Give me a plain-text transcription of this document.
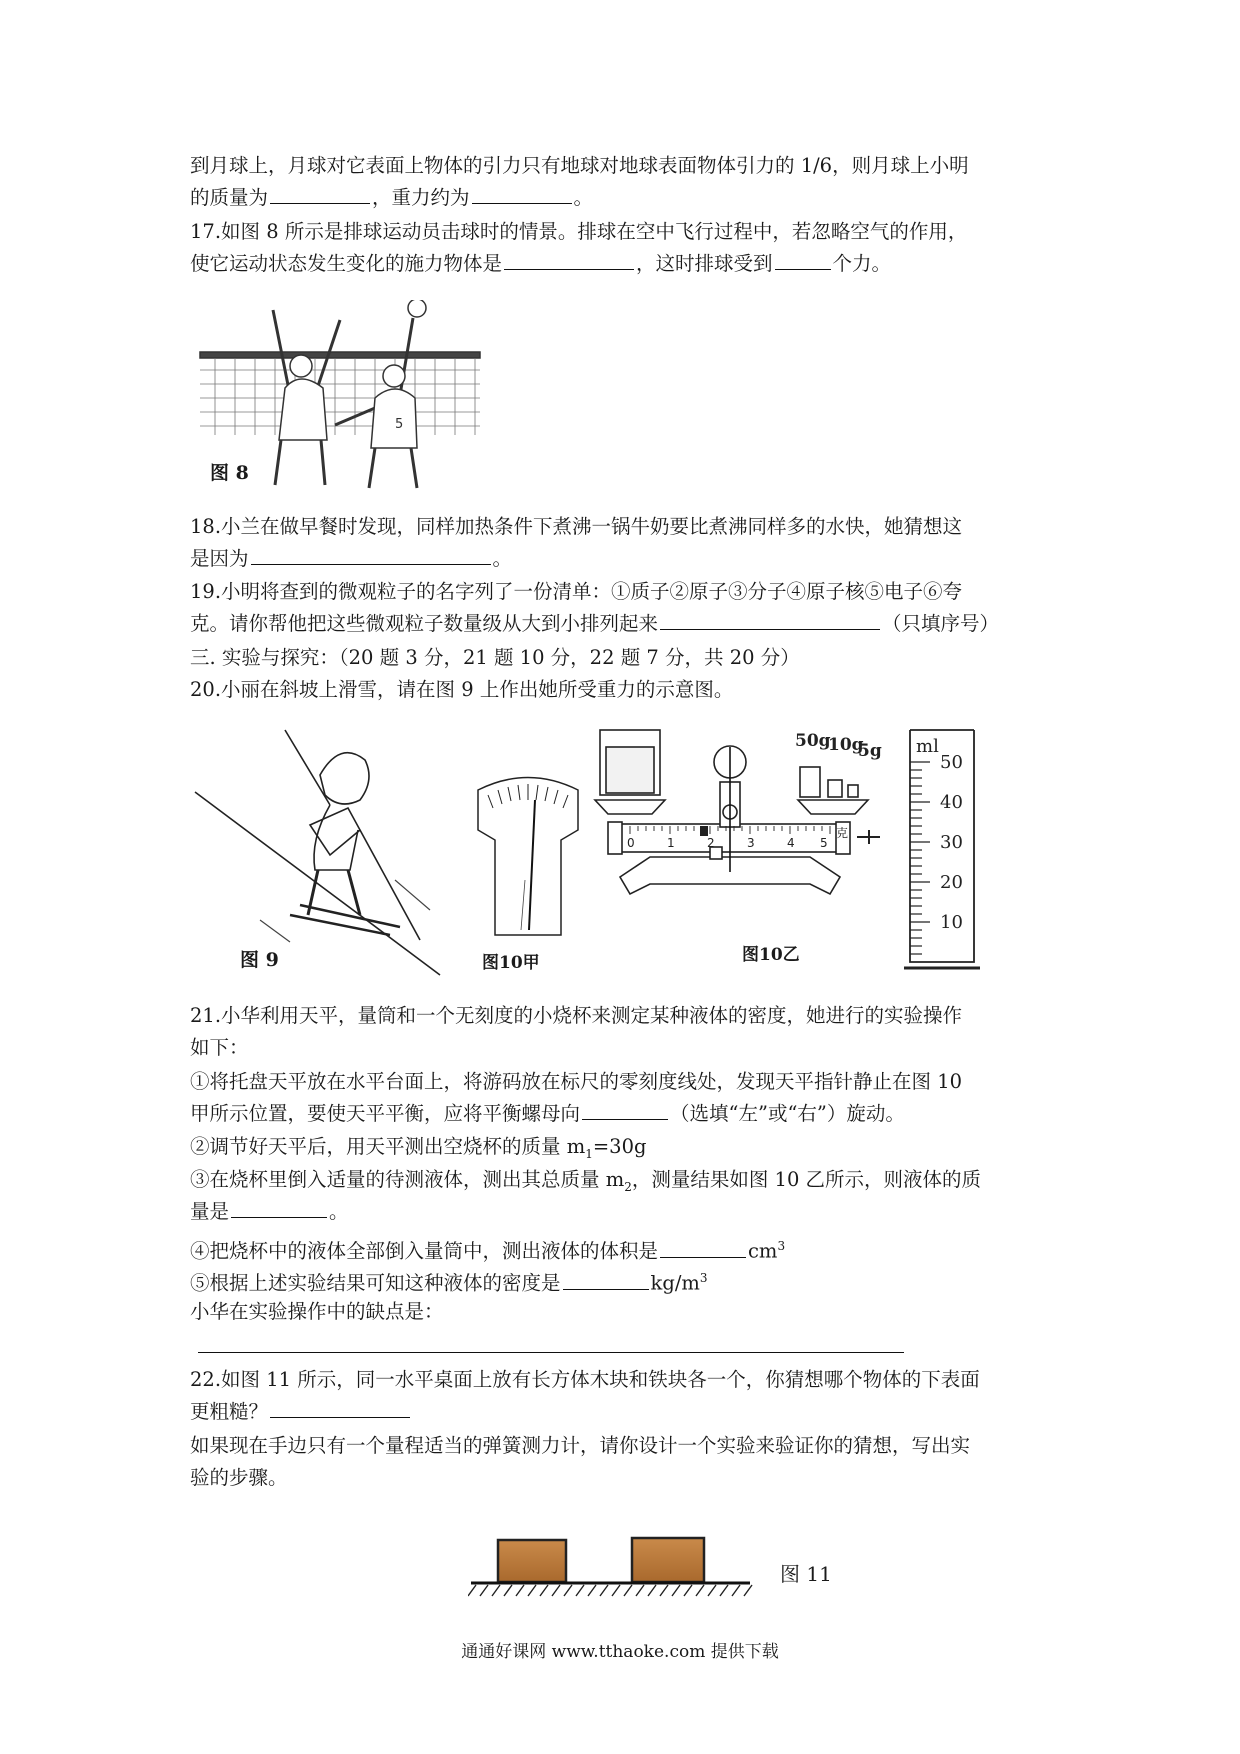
到月球上，月球对它表面上物体的引力只有地球对地球表面物体引力的 1/6，则月球上小明
的质量为	，重力约为	。
17.如图 8 所示是排球运动员击球时的情景。排球在空中飞行过程中，若忽略空气的作用，
使它运动状态发生变化的施力物体是	，这时排球受到	个力。
5
图 8
18.小兰在做早餐时发现，同样加热条件下煮沸一锅牛奶要比煮沸同样多的水快，她猜想这
是因为	。
19.小明将查到的微观粒子的名字列了一份清单：①质子②原子③分子④原子核⑤电子⑥夸
克。请你帮他把这些微观粒子数量级从大到小排列起来	（只填序号）
三. 实验与探究：（20 题 3 分，21 题 10 分，22 题 7 分，共 20 分）
20.小丽在斜坡上滑雪，请在图 9 上作出她所受重力的示意图。
图 9	图10甲
0	1	2	3	4 5
克
50g
10g
5g
图10乙
ml
50
40
30
20
10
21.小华利用天平，量筒和一个无刻度的小烧杯来测定某种液体的密度，她进行的实验操作
如下：
①将托盘天平放在水平台面上，将游码放在标尺的零刻度线处，发现天平指针静止在图 10
甲所示位置，要使天平平衡，应将平衡螺母向	（选填“左”或“右”）旋动。
②调节好天平后，用天平测出空烧杯的质量 $m_1=30g$
③在烧杯里倒入适量的待测液体，测出其总质量 $m_2$，测量结果如图 10 乙所示，则液体的质
量是	。
④把烧杯中的液体全部倒入量筒中，测出液体的体积是	$cm^3$
⑤根据上述实验结果可知这种液体的密度是	$kg/m^3$
小华在实验操作中的缺点是：
22.如图 11 所示，同一水平桌面上放有长方体木块和铁块各一个，你猜想哪个物体的下表面
更粗糙？
如果现在手边只有一个量程适当的弹簧测力计，请你设计一个实验来验证你的猜想，写出实
验的步骤。
图 11
通通好课网 www.tthaoke.com 提供下载
